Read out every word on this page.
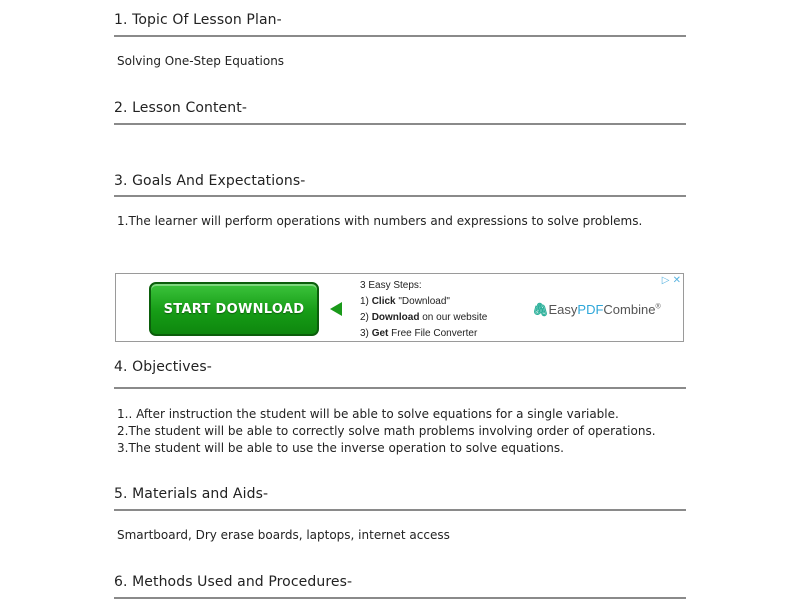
1. Topic Of Lesson Plan-
Solving One-Step Equations
2. Lesson Content-
3. Goals And Expectations-
1.The learner will perform operations with numbers and expressions to solve problems.
4. Objectives-
1.. After instruction the student will be able to solve equations for a single variable.
2.The student will be able to correctly solve math problems involving order of operations.
3.The student will be able to use the inverse operation to solve equations.
5. Materials and Aids-
Smartboard, Dry erase boards, laptops, internet access
6. Methods Used and Procedures-
START DOWNLOAD
3 Easy Steps:
1) Click "Download"
2) Download on our website
3) Get Free File Converter
🖇EasyPDFCombine®
▷ ✕
